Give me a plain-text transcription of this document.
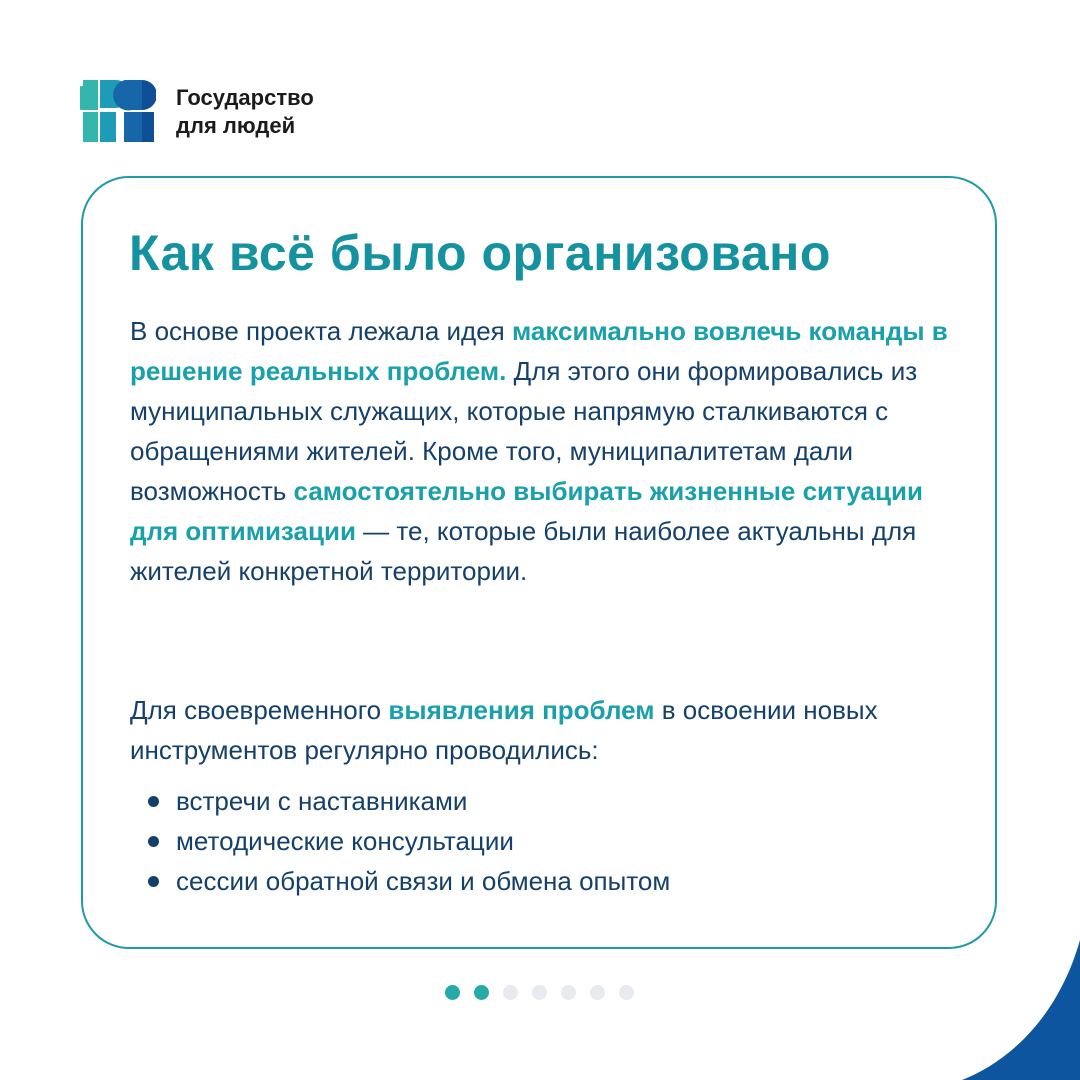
Государство
для людей
Как всё было организовано

В основе проекта лежала идея максимально вовлечь команды в решение реальных проблем. Для этого они формировались из муниципальных служащих, которые напрямую сталкиваются с обращениями жителей. Кроме того, муниципалитетам дали возможность самостоятельно выбирать жизненные ситуации для оптимизации — те, которые были наиболее актуальны для жителей конкретной территории.

Для своевременного выявления проблем в освоении новых инструментов регулярно проводились:

встречи с наставниками
методические консультации
сессии обратной связи и обмена опытом
